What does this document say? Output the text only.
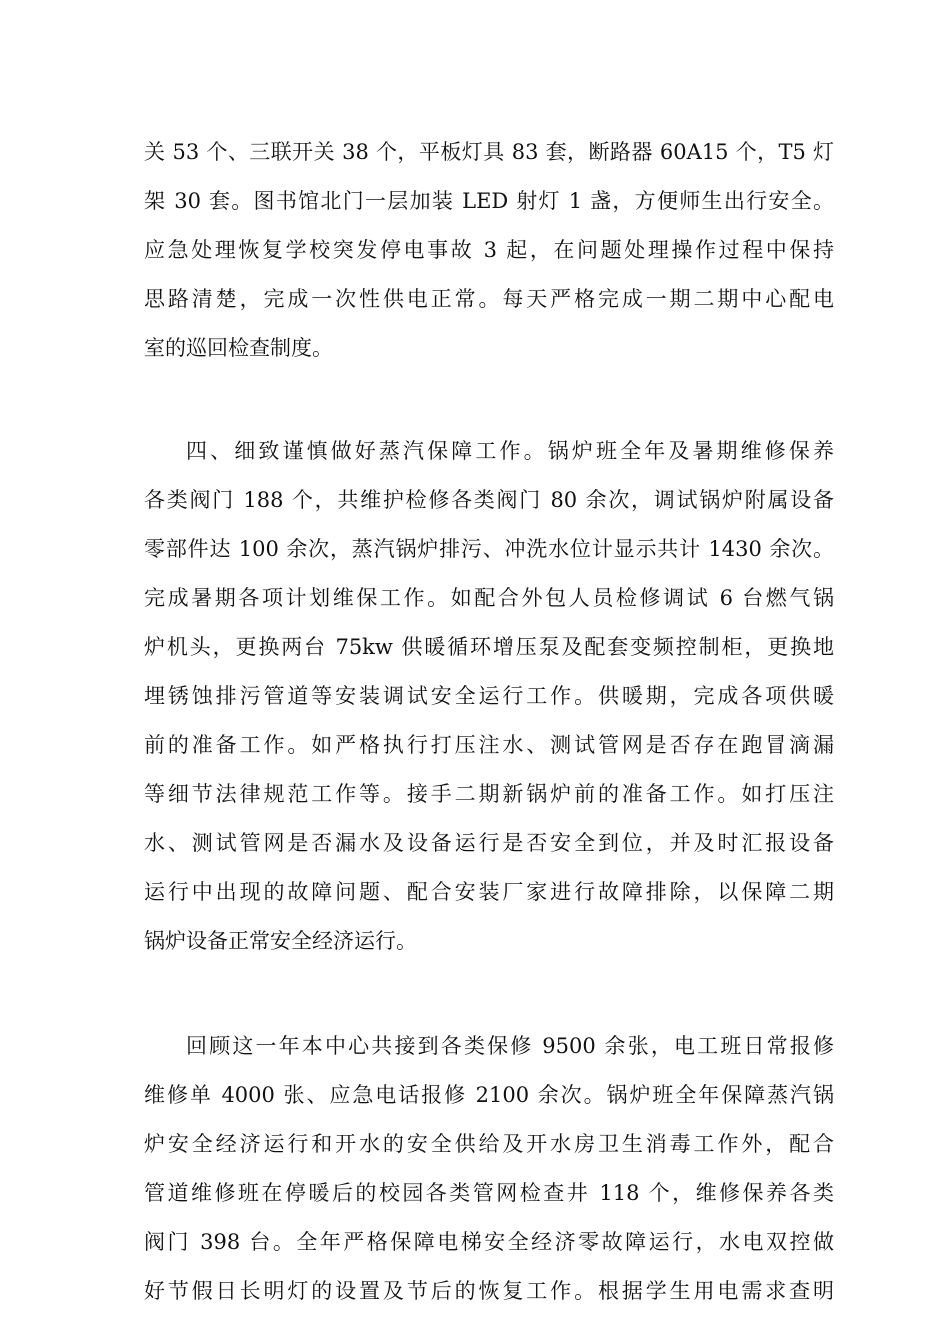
关 53 个、三联开关 38 个，平板灯具 83 套，断路器 60A15 个，T5 灯
架 30 套。图书馆北门一层加装 LED 射灯 1 盏，方便师生出行安全。
应急处理恢复学校突发停电事故 3 起，在问题处理操作过程中保持
思路清楚，完成一次性供电正常。每天严格完成一期二期中心配电
室的巡回检查制度。
四、细致谨慎做好蒸汽保障工作。锅炉班全年及暑期维修保养
各类阀门 188 个，共维护检修各类阀门 80 余次，调试锅炉附属设备
零部件达 100 余次，蒸汽锅炉排污、冲洗水位计显示共计 1430 余次。
完成暑期各项计划维保工作。如配合外包人员检修调试 6 台燃气锅
炉机头，更换两台 75kw 供暖循环增压泵及配套变频控制柜，更换地
埋锈蚀排污管道等安装调试安全运行工作。供暖期，完成各项供暖
前的准备工作。如严格执行打压注水、测试管网是否存在跑冒滴漏
等细节法律规范工作等。接手二期新锅炉前的准备工作。如打压注
水、测试管网是否漏水及设备运行是否安全到位，并及时汇报设备
运行中出现的故障问题、配合安装厂家进行故障排除，以保障二期
锅炉设备正常安全经济运行。
回顾这一年本中心共接到各类保修 9500 余张，电工班日常报修
维修单 4000 张、应急电话报修 2100 余次。锅炉班全年保障蒸汽锅
炉安全经济运行和开水的安全供给及开水房卫生消毒工作外，配合
管道维修班在停暖后的校园各类管网检查井 118 个，维修保养各类
阀门 398 台。全年严格保障电梯安全经济零故障运行，水电双控做
好节假日长明灯的设置及节后的恢复工作。根据学生用电需求查明
